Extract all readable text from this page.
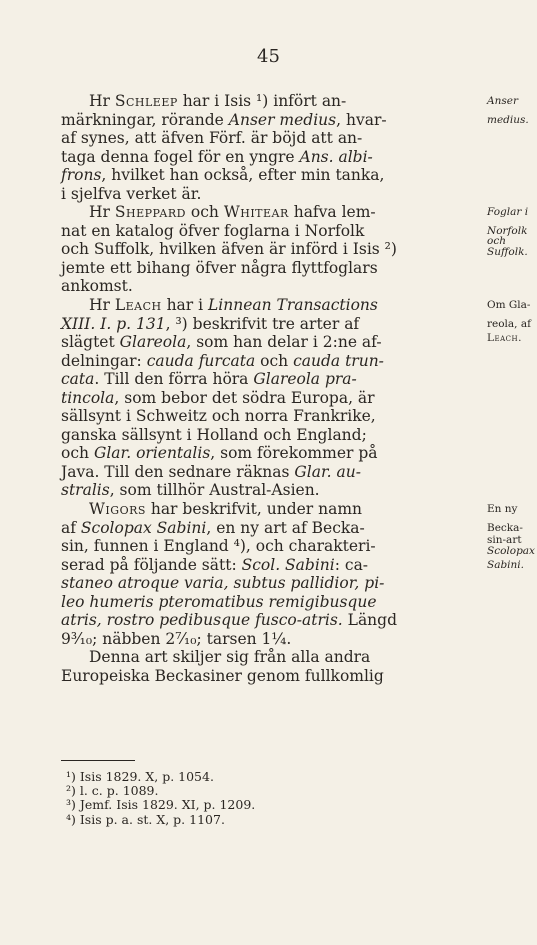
45
Hr Schleep har i Isis ¹) infört an-
märkningar, rörande Anser medius, hvar-
af synes, att äfven Förf. är böjd att an-
taga denna fogel för en yngre Ans. albi-
frons, hvilket han också, efter min tanka,
i sjelfva verket är.
Hr Sheppard och Whitear hafva lem-
nat en katalog öfver foglarna i Norfolk
och Suffolk, hvilken äfven är införd i Isis ²)
jemte ett bihang öfver några flyttfoglars
ankomst.
Hr Leach har i Linnean Transactions
XIII. I. p. 131, ³) beskrifvit tre arter af
slägtet Glareola, som han delar i 2:ne af-
delningar: cauda furcata och cauda trun-
cata. Till den förra höra Glareola pra-
tincola, som bebor det södra Europa, är
sällsynt i Schweitz och norra Frankrike,
ganska sällsynt i Holland och England;
och Glar. orientalis, som förekommer på
Java. Till den sednare räknas Glar. au-
stralis, som tillhör Austral-Asien.
Wigors har beskrifvit, under namn
af Scolopax Sabini, en ny art af Becka-
sin, funnen i England ⁴), och charakteri-
serad på följande sätt: Scol. Sabini: ca-
staneo atroque varia, subtus pallidior, pi-
leo humeris pteromatibus remigibusque
atris, rostro pedibusque fusco-atris. Längd
9³⁄₁₀; näbben 2⁷⁄₁₀; tarsen 1¼.
Denna art skiljer sig från alla andra
Europeiska Beckasiner genom fullkomlig
Anser
medius.
Foglar i
Norfolk
och
Suffolk.
Om Gla-
reola, af
Leach.
En ny
Becka-
sin-art
Scolopax
Sabini.
¹) Isis 1829. X, p. 1054.
²) l. c. p. 1089.
³) Jemf. Isis 1829. XI, p. 1209.
⁴) Isis p. a. st. X, p. 1107.
